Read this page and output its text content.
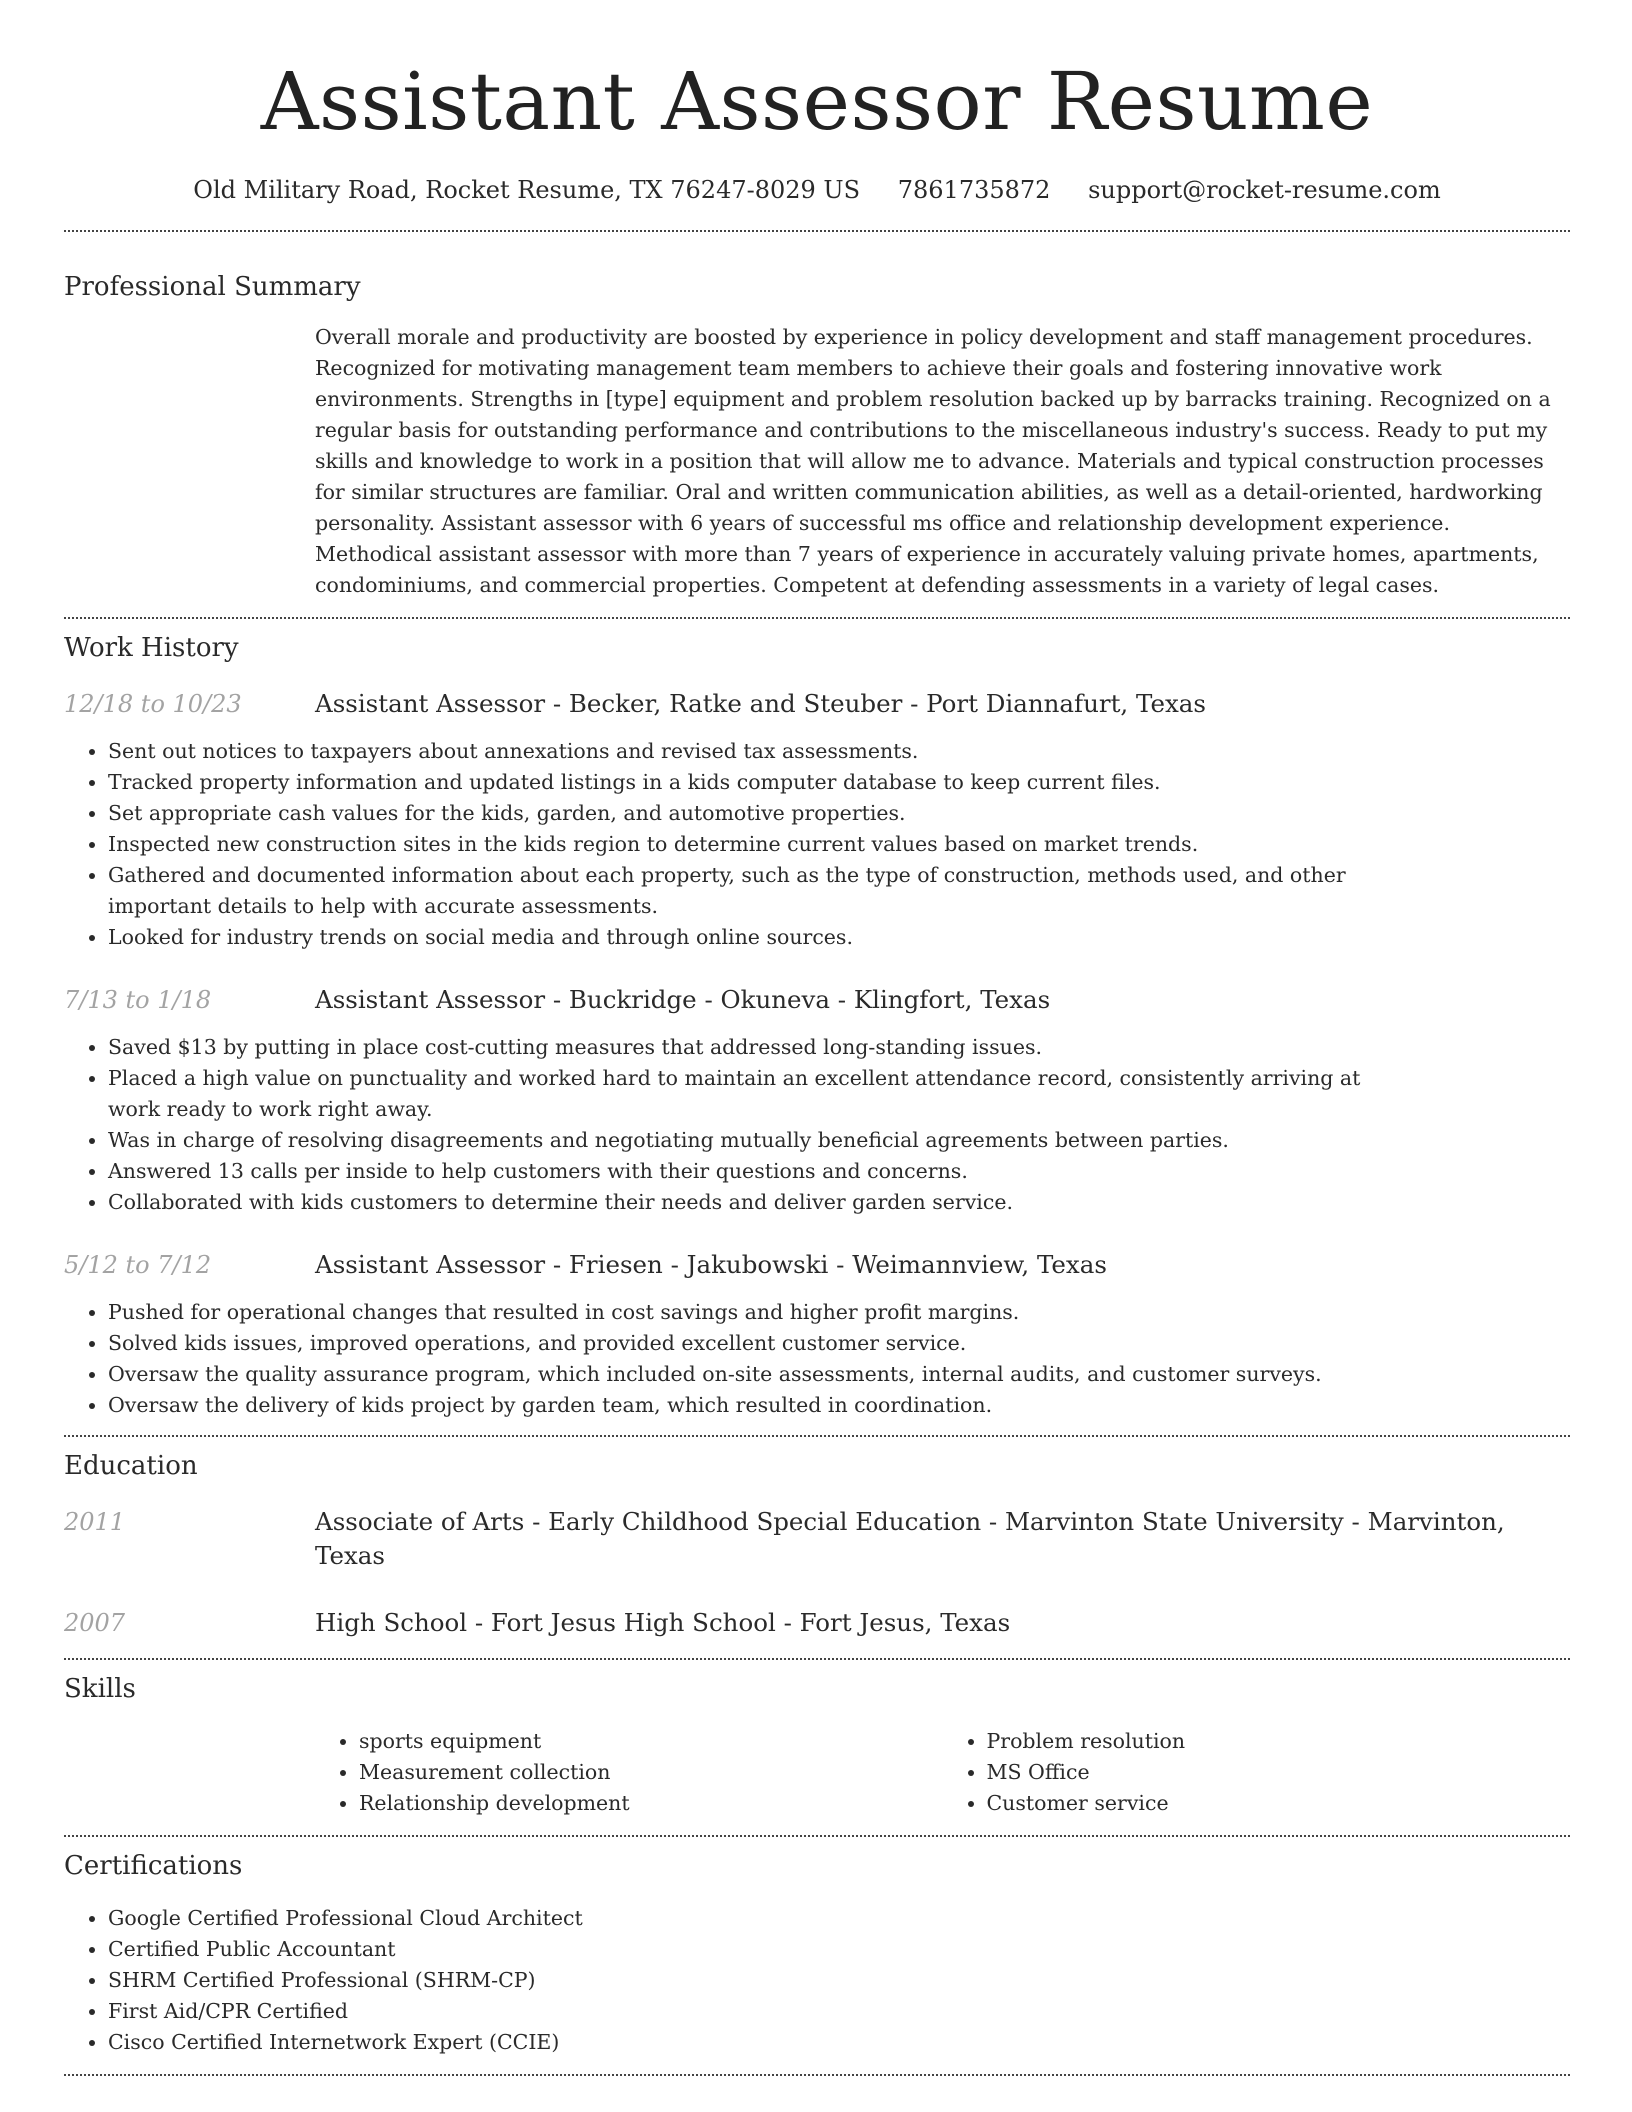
Assistant Assessor Resume
Old Military Road, Rocket Resume, TX 76247-8029 US 7861735872 support@rocket-resume.com
Professional Summary
Overall morale and productivity are boosted by experience in policy development and staff management procedures. Recognized for motivating management team members to achieve their goals and fostering innovative work environments. Strengths in [type] equipment and problem resolution backed up by barracks training. Recognized on a regular basis for outstanding performance and contributions to the miscellaneous industry's success. Ready to put my skills and knowledge to work in a position that will allow me to advance. Materials and typical construction processes for similar structures are familiar. Oral and written communication abilities, as well as a detail-oriented, hardworking personality. Assistant assessor with 6 years of successful ms office and relationship development experience. Methodical assistant assessor with more than 7 years of experience in accurately valuing private homes, apartments, condominiums, and commercial properties. Competent at defending assessments in a variety of legal cases.
Work History
12/18 to 10/23	Assistant Assessor - Becker, Ratke and Steuber - Port Diannafurt, Texas
• Sent out notices to taxpayers about annexations and revised tax assessments.
• Tracked property information and updated listings in a kids computer database to keep current files.
• Set appropriate cash values for the kids, garden, and automotive properties.
• Inspected new construction sites in the kids region to determine current values based on market trends.
• Gathered and documented information about each property, such as the type of construction, methods used, and other important details to help with accurate assessments.
• Looked for industry trends on social media and through online sources.
7/13 to 1/18	Assistant Assessor - Buckridge - Okuneva - Klingfort, Texas
• Saved $13 by putting in place cost-cutting measures that addressed long-standing issues.
• Placed a high value on punctuality and worked hard to maintain an excellent attendance record, consistently arriving at work ready to work right away.
• Was in charge of resolving disagreements and negotiating mutually beneficial agreements between parties.
• Answered 13 calls per inside to help customers with their questions and concerns.
• Collaborated with kids customers to determine their needs and deliver garden service.
5/12 to 7/12	Assistant Assessor - Friesen - Jakubowski - Weimannview, Texas
• Pushed for operational changes that resulted in cost savings and higher profit margins.
• Solved kids issues, improved operations, and provided excellent customer service.
• Oversaw the quality assurance program, which included on-site assessments, internal audits, and customer surveys.
• Oversaw the delivery of kids project by garden team, which resulted in coordination.
Education
2011	Associate of Arts - Early Childhood Special Education - Marvinton State University - Marvinton, Texas
2007	High School - Fort Jesus High School - Fort Jesus, Texas
Skills
• sports equipment
• Measurement collection
• Relationship development
• Problem resolution
• MS Office
• Customer service
Certifications
• Google Certified Professional Cloud Architect
• Certified Public Accountant
• SHRM Certified Professional (SHRM-CP)
• First Aid/CPR Certified
• Cisco Certified Internetwork Expert (CCIE)
